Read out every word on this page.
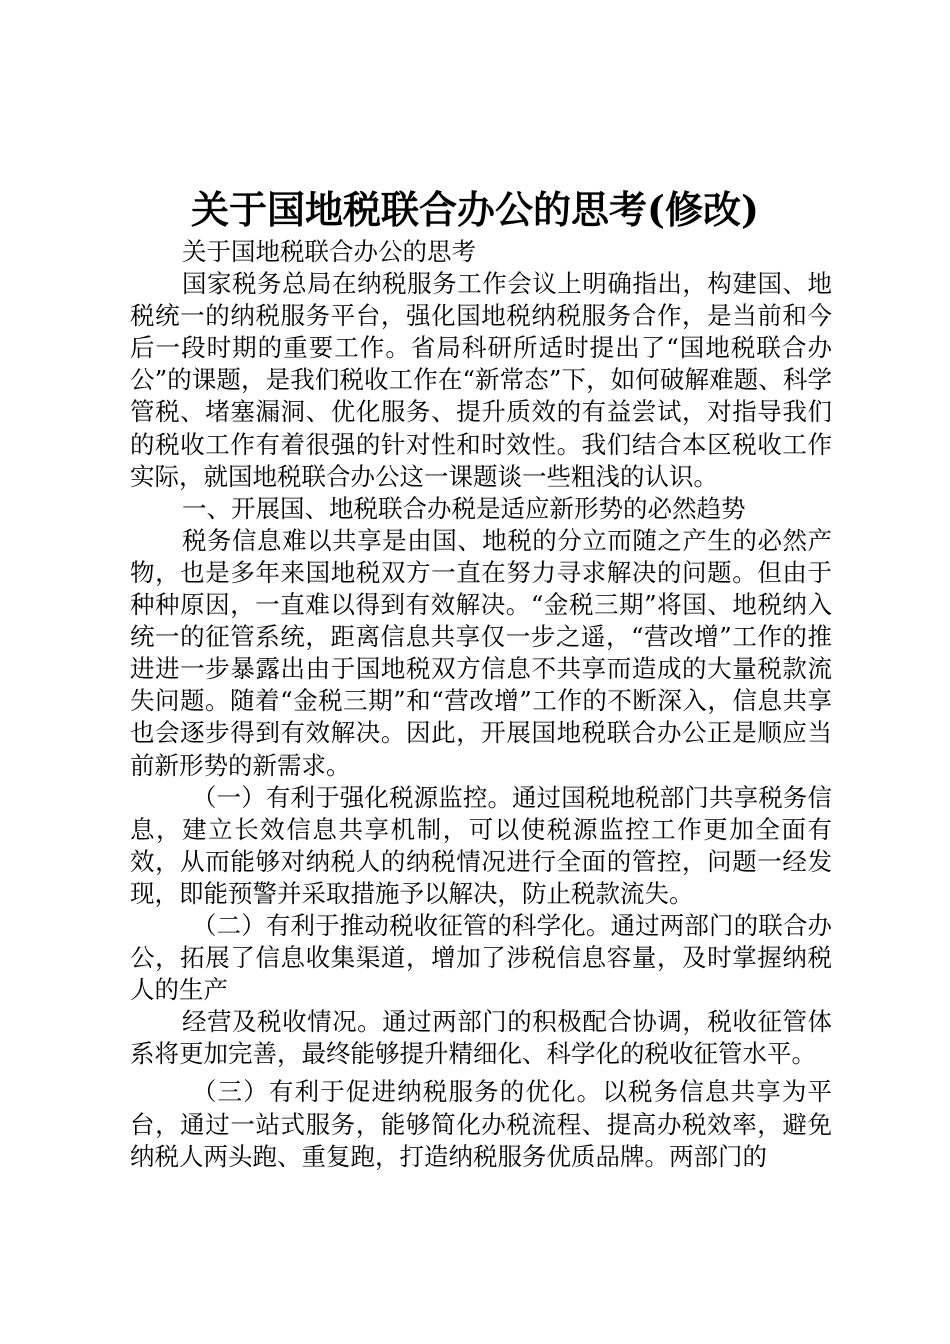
关于国地税联合办公的思考(修改)

关于国地税联合办公的思考

国家税务总局在纳税服务工作会议上明确指出，构建国、地税统一的纳税服务平台，强化国地税纳税服务合作，是当前和今后一段时期的重要工作。省局科研所适时提出了“国地税联合办公”的课题，是我们税收工作在“新常态”下，如何破解难题、科学管税、堵塞漏洞、优化服务、提升质效的有益尝试，对指导我们的税收工作有着很强的针对性和时效性。我们结合本区税收工作实际，就国地税联合办公这一课题谈一些粗浅的认识。

一、开展国、地税联合办税是适应新形势的必然趋势

税务信息难以共享是由国、地税的分立而随之产生的必然产物，也是多年来国地税双方一直在努力寻求解决的问题。但由于种种原因，一直难以得到有效解决。“金税三期”将国、地税纳入统一的征管系统，距离信息共享仅一步之遥，“营改增”工作的推进进一步暴露出由于国地税双方信息不共享而造成的大量税款流失问题。随着“金税三期”和“营改增”工作的不断深入，信息共享也会逐步得到有效解决。因此，开展国地税联合办公正是顺应当前新形势的新需求。

（一）有利于强化税源监控。通过国税地税部门共享税务信息，建立长效信息共享机制，可以使税源监控工作更加全面有效，从而能够对纳税人的纳税情况进行全面的管控，问题一经发现，即能预警并采取措施予以解决，防止税款流失。

（二）有利于推动税收征管的科学化。通过两部门的联合办公，拓展了信息收集渠道，增加了涉税信息容量，及时掌握纳税人的生产

经营及税收情况。通过两部门的积极配合协调，税收征管体系将更加完善，最终能够提升精细化、科学化的税收征管水平。

（三）有利于促进纳税服务的优化。以税务信息共享为平台，通过一站式服务，能够简化办税流程、提高办税效率，避免纳税人两头跑、重复跑，打造纳税服务优质品牌。两部门的
